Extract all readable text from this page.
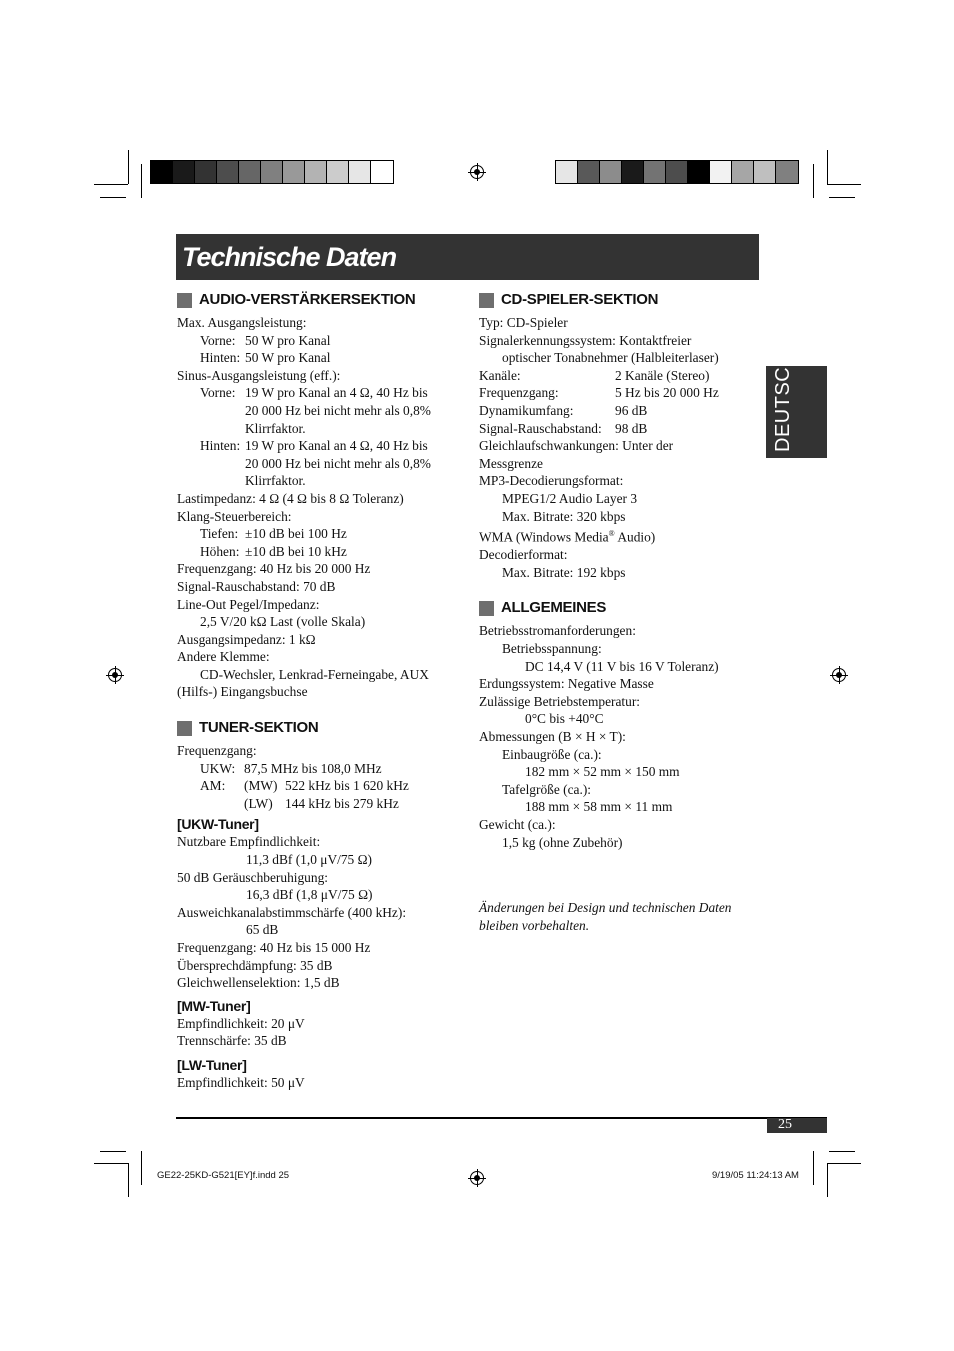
Technische Daten
DEUTSCH
AUDIO-VERSTÄRKERSEKTION
Max. Ausgangsleistung:
Vorne: 50 W pro Kanal
Hinten: 50 W pro Kanal
Sinus-Ausgangsleistung (eff.):
Vorne: 19 W pro Kanal an 4 Ω, 40 Hz bis
20 000 Hz bei nicht mehr als 0,8%
Klirrfaktor.
Hinten: 19 W pro Kanal an 4 Ω, 40 Hz bis
20 000 Hz bei nicht mehr als 0,8%
Klirrfaktor.
Lastimpedanz: 4 Ω (4 Ω bis 8 Ω Toleranz)
Klang-Steuerbereich:
Tiefen: ±10 dB bei 100 Hz
Höhen: ±10 dB bei 10 kHz
Frequenzgang: 40 Hz bis 20 000 Hz
Signal-Rauschabstand: 70 dB
Line-Out Pegel/Impedanz:
2,5 V/20 kΩ Last (volle Skala)
Ausgangsimpedanz: 1 kΩ
Andere Klemme:
CD-Wechsler, Lenkrad-Ferneingabe, AUX
(Hilfs-) Eingangsbuchse
TUNER-SEKTION
Frequenzgang:
UKW: 87,5 MHz bis 108,0 MHz
AM: (MW) 522 kHz bis 1 620 kHz
(LW) 144 kHz bis 279 kHz
[UKW-Tuner]
Nutzbare Empfindlichkeit:
11,3 dBf (1,0 μV/75 Ω)
50 dB Geräuschberuhigung:
16,3 dBf (1,8 μV/75 Ω)
Ausweichkanalabstimmschärfe (400 kHz):
65 dB
Frequenzgang: 40 Hz bis 15 000 Hz
Übersprechdämpfung: 35 dB
Gleichwellenselektion: 1,5 dB
[MW-Tuner]
Empfindlichkeit: 20 μV
Trennschärfe: 35 dB
[LW-Tuner]
Empfindlichkeit: 50 μV
CD-SPIELER-SEKTION
Typ: CD-Spieler
Signalerkennungssystem: Kontaktfreier
optischer Tonabnehmer (Halbleiterlaser)
Kanäle:	2 Kanäle (Stereo)
Frequenzgang:	5 Hz bis 20 000 Hz
Dynamikumfang:	96 dB
Signal-Rauschabstand: 98 dB
Gleichlaufschwankungen: Unter der
Messgrenze
MP3-Decodierungsformat:
MPEG1/2 Audio Layer 3
Max. Bitrate: 320 kbps
WMA (Windows Media® Audio)
Decodierformat:
Max. Bitrate: 192 kbps
ALLGEMEINES
Betriebsstromanforderungen:
Betriebsspannung:
DC 14,4 V (11 V bis 16 V Toleranz)
Erdungssystem: Negative Masse
Zulässige Betriebstemperatur:
0°C bis +40°C
Abmessungen (B × H × T):
Einbaugröße (ca.):
182 mm × 52 mm × 150 mm
Tafelgröße (ca.):
188 mm × 58 mm × 11 mm
Gewicht (ca.):
1,5 kg (ohne Zubehör)
Änderungen bei Design und technischen Daten
bleiben vorbehalten.
25
GE22-25KD-G521[EY]f.indd 25	9/19/05 11:24:13 AM
